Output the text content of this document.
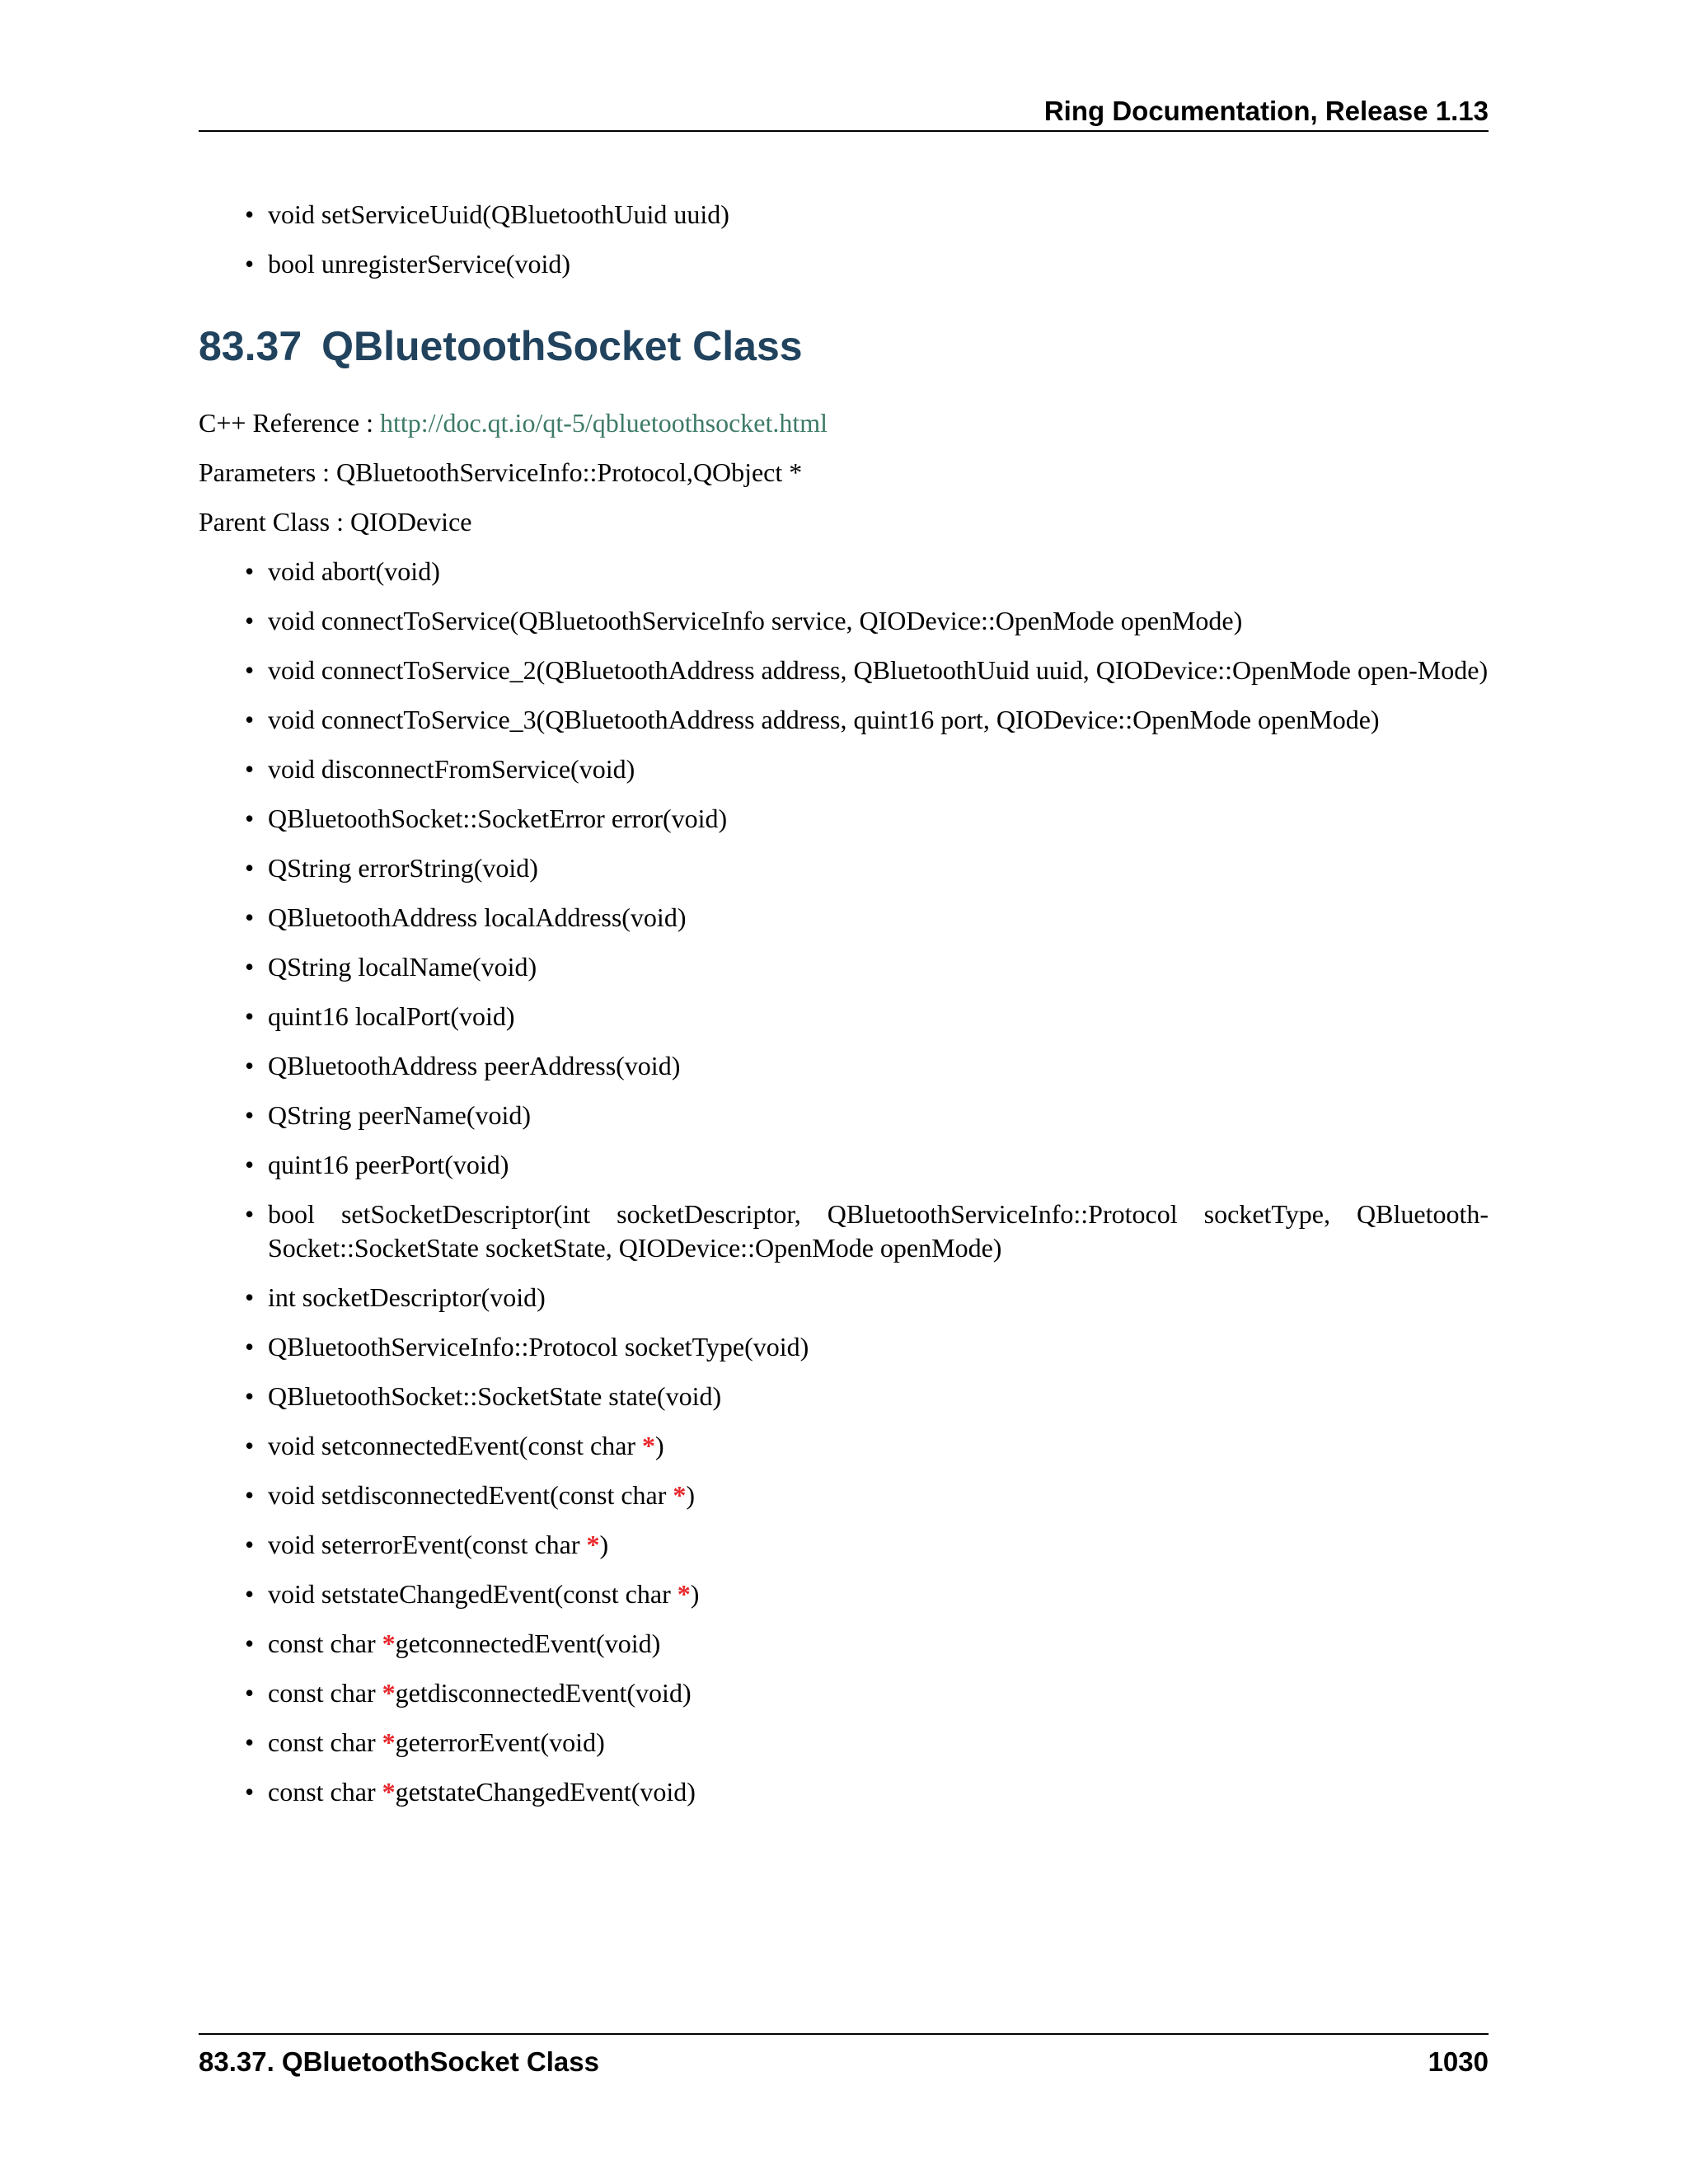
Ring Documentation, Release 1.13
• void setServiceUuid(QBluetoothUuid uuid)
• bool unregisterService(void)
83.37 QBluetoothSocket Class

C++ Reference : http://doc.qt.io/qt-5/qbluetoothsocket.html

Parameters : QBluetoothServiceInfo::Protocol,QObject *

Parent Class : QIODevice

• void abort(void)
• void connectToService(QBluetoothServiceInfo service, QIODevice::OpenMode openMode)
• void connectToService_2(QBluetoothAddress address, QBluetoothUuid uuid, QIODevice::OpenMode open-Mode)
• void connectToService_3(QBluetoothAddress address, quint16 port, QIODevice::OpenMode openMode)
• void disconnectFromService(void)
• QBluetoothSocket::SocketError error(void)
• QString errorString(void)
• QBluetoothAddress localAddress(void)
• QString localName(void)
• quint16 localPort(void)
• QBluetoothAddress peerAddress(void)
• QString peerName(void)
• quint16 peerPort(void)
• bool setSocketDescriptor(int socketDescriptor, QBluetoothServiceInfo::Protocol socketType, QBluetooth-Socket::SocketState socketState, QIODevice::OpenMode openMode)
• int socketDescriptor(void)
• QBluetoothServiceInfo::Protocol socketType(void)
• QBluetoothSocket::SocketState state(void)
• void setconnectedEvent(const char *)
• void setdisconnectedEvent(const char *)
• void seterrorEvent(const char *)
• void setstateChangedEvent(const char *)
• const char *getconnectedEvent(void)
• const char *getdisconnectedEvent(void)
• const char *geterrorEvent(void)
• const char *getstateChangedEvent(void)
83.37. QBluetoothSocket Class	1030
